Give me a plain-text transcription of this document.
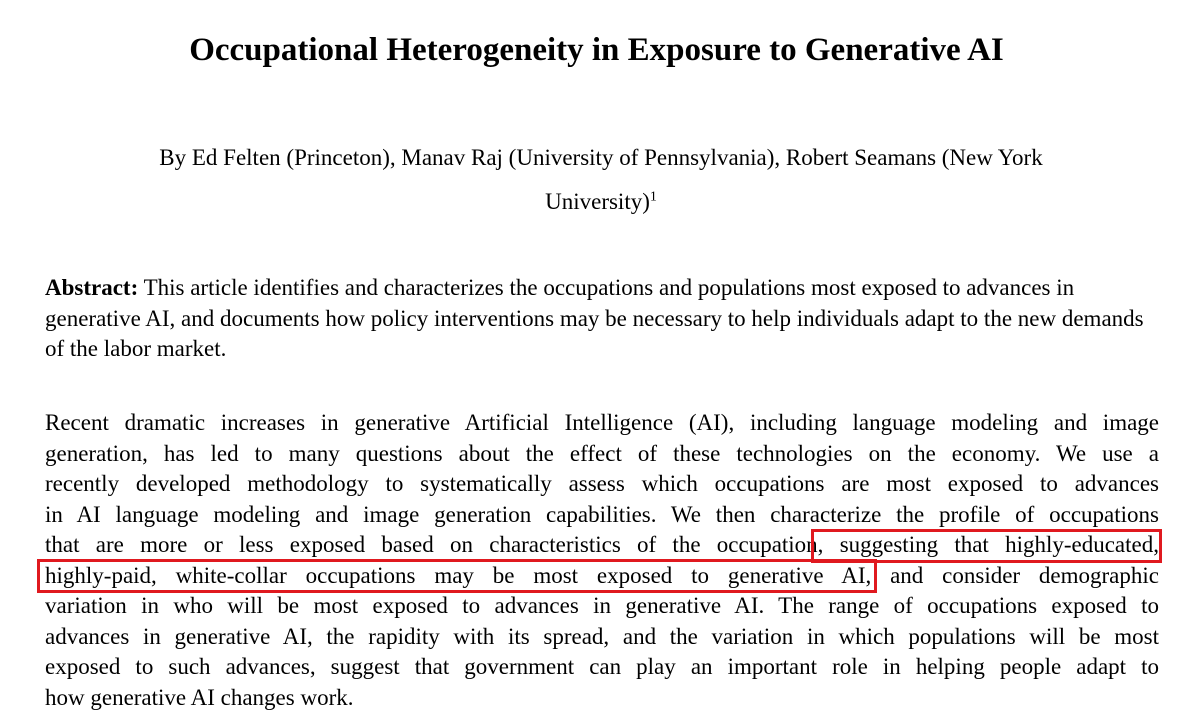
Occupational Heterogeneity in Exposure to Generative AI
By Ed Felten (Princeton), Manav Raj (University of Pennsylvania), Robert Seamans (New York
University)$^1$
Abstract: This article identifies and characterizes the occupations and populations most exposed to advances in generative AI, and documents how policy interventions may be necessary to help individuals adapt to the new demands of the labor market.
Recent dramatic increases in generative Artificial Intelligence (AI), including language modeling and image
generation, has led to many questions about the effect of these technologies on the economy. We use a
recently developed methodology to systematically assess which occupations are most exposed to advances
in AI language modeling and image generation capabilities. We then characterize the profile of occupations
that are more or less exposed based on characteristics of the occupation, suggesting that highly-educated,
highly-paid, white-collar occupations may be most exposed to generative AI, and consider demographic
variation in who will be most exposed to advances in generative AI. The range of occupations exposed to
advances in generative AI, the rapidity with its spread, and the variation in which populations will be most
exposed to such advances, suggest that government can play an important role in helping people adapt to
how generative AI changes work.
